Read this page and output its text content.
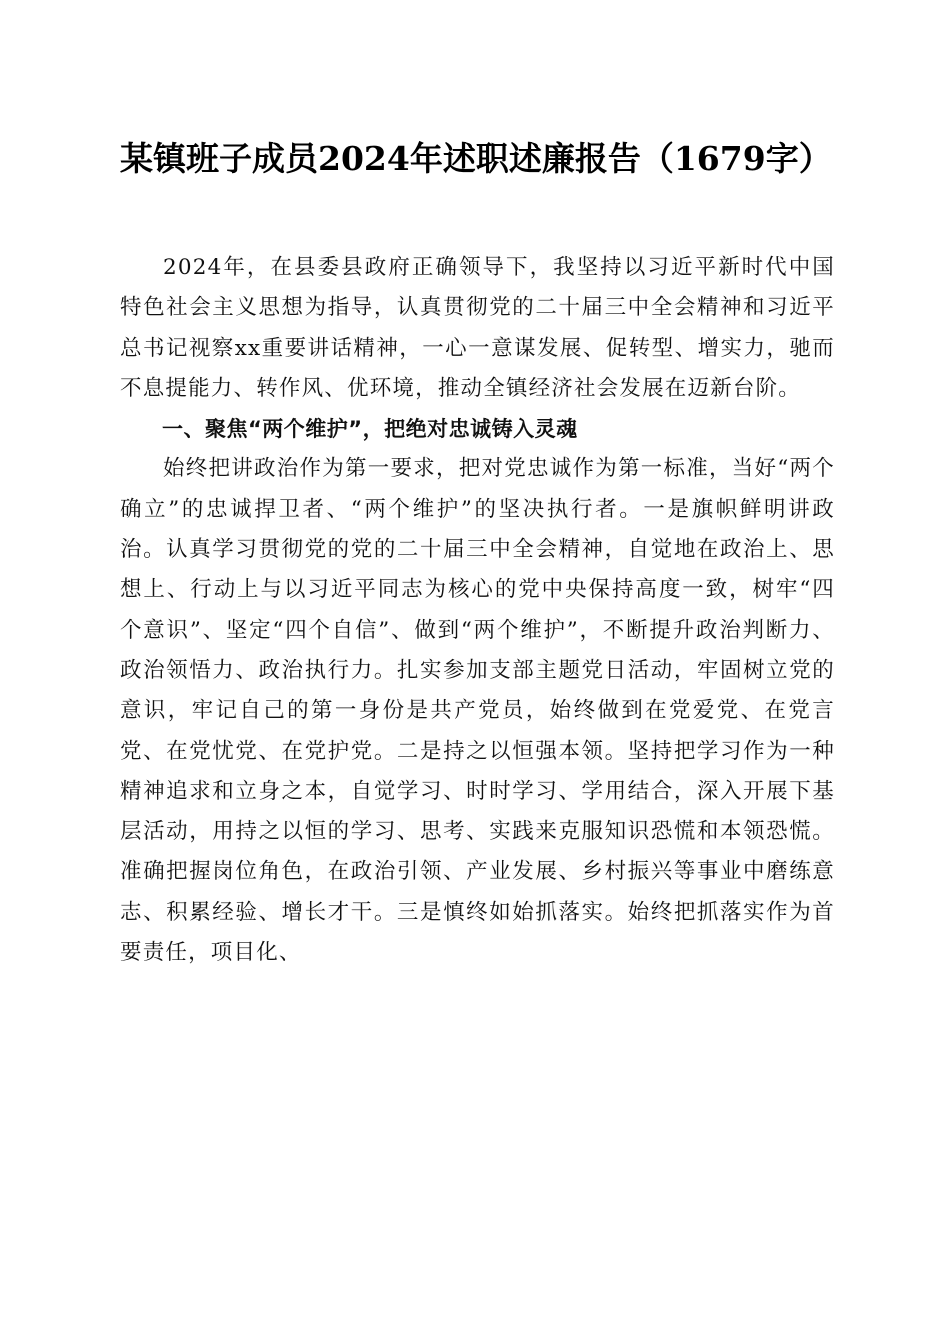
某镇班子成员2024年述职述廉报告（1679字）

2024年，在县委县政府正确领导下，我坚持以习近平新时代中国特色社会主义思想为指导，认真贯彻党的二十届三中全会精神和习近平总书记视察xx重要讲话精神，一心一意谋发展、促转型、增实力，驰而不息提能力、转作风、优环境，推动全镇经济社会发展在迈新台阶。

一、聚焦“两个维护”，把绝对忠诚铸入灵魂

始终把讲政治作为第一要求，把对党忠诚作为第一标准，当好“两个确立”的忠诚捍卫者、“两个维护”的坚决执行者。一是旗帜鲜明讲政治。认真学习贯彻党的党的二十届三中全会精神，自觉地在政治上、思想上、行动上与以习近平同志为核心的党中央保持高度一致，树牢“四个意识”、坚定“四个自信”、做到“两个维护”，不断提升政治判断力、政治领悟力、政治执行力。扎实参加支部主题党日活动，牢固树立党的意识，牢记自己的第一身份是共产党员，始终做到在党爱党、在党言党、在党忧党、在党护党。二是持之以恒强本领。坚持把学习作为一种精神追求和立身之本，自觉学习、时时学习、学用结合，深入开展下基层活动，用持之以恒的学习、思考、实践来克服知识恐慌和本领恐慌。准确把握岗位角色，在政治引领、产业发展、乡村振兴等事业中磨练意志、积累经验、增长才干。三是慎终如始抓落实。始终把抓落实作为首要责任，项目化、
